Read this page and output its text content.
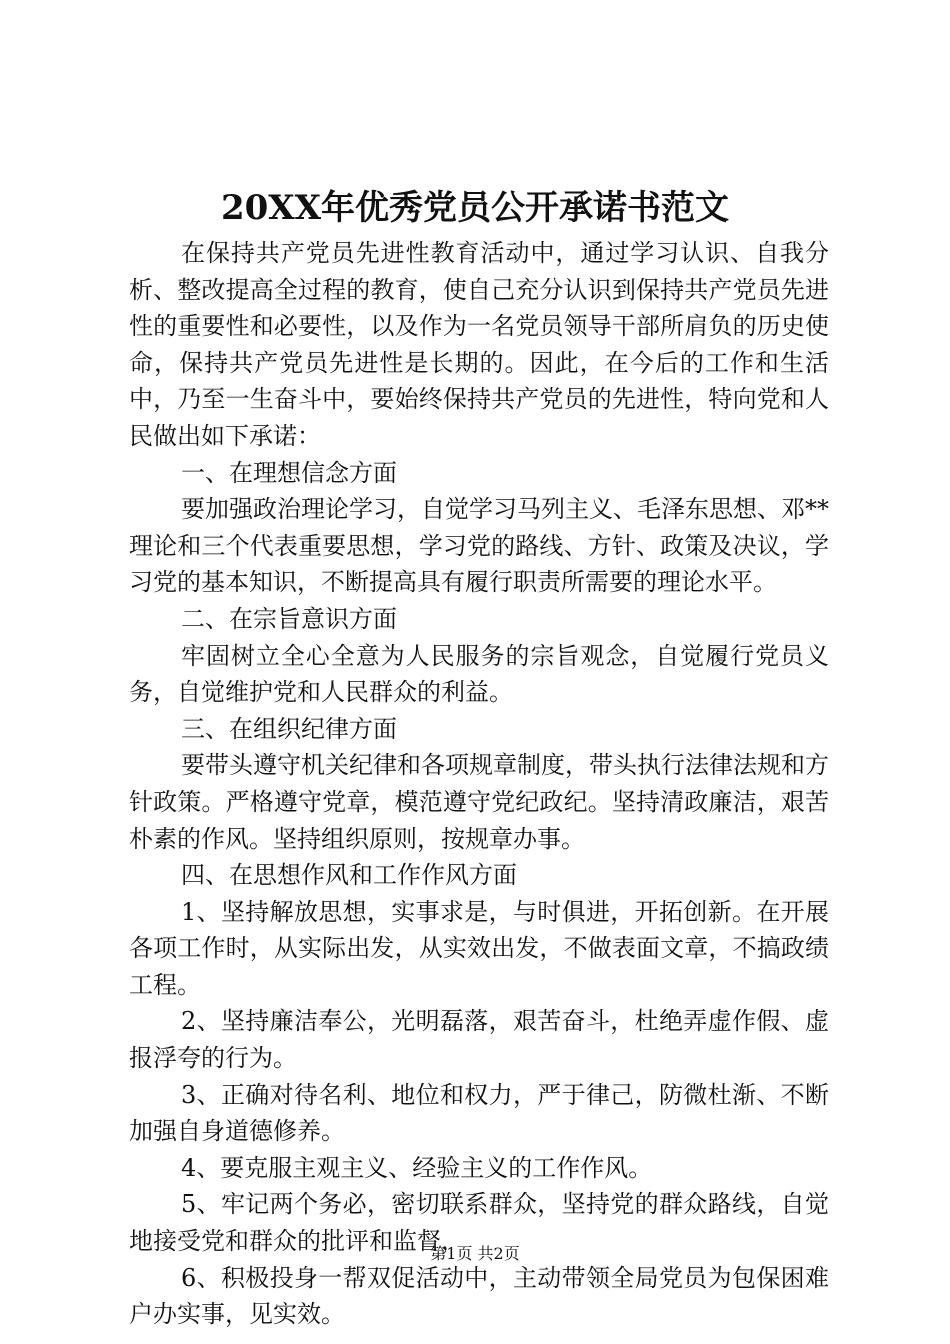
20XX年优秀党员公开承诺书范文

在保持共产党员先进性教育活动中，通过学习认识、自我分析、整改提高全过程的教育，使自己充分认识到保持共产党员先进性的重要性和必要性，以及作为一名党员领导干部所肩负的历史使命，保持共产党员先进性是长期的。因此，在今后的工作和生活中，乃至一生奋斗中，要始终保持共产党员的先进性，特向党和人民做出如下承诺：

一、在理想信念方面

要加强政治理论学习，自觉学习马列主义、毛泽东思想、邓**理论和三个代表重要思想，学习党的路线、方针、政策及决议，学习党的基本知识，不断提高具有履行职责所需要的理论水平。

二、在宗旨意识方面

牢固树立全心全意为人民服务的宗旨观念，自觉履行党员义务，自觉维护党和人民群众的利益。

三、在组织纪律方面

要带头遵守机关纪律和各项规章制度，带头执行法律法规和方针政策。严格遵守党章，模范遵守党纪政纪。坚持清政廉洁，艰苦朴素的作风。坚持组织原则，按规章办事。

四、在思想作风和工作作风方面

1、坚持解放思想，实事求是，与时俱进，开拓创新。在开展各项工作时，从实际出发，从实效出发，不做表面文章，不搞政绩工程。

2、坚持廉洁奉公，光明磊落，艰苦奋斗，杜绝弄虚作假、虚报浮夸的行为。

3、正确对待名利、地位和权力，严于律己，防微杜渐、不断加强自身道德修养。

4、要克服主观主义、经验主义的工作作风。

5、牢记两个务必，密切联系群众，坚持党的群众路线，自觉地接受党和群众的批评和监督，

6、积极投身一帮双促活动中，主动带领全局党员为包保困难户办实事，见实效。

第1页 共2页
